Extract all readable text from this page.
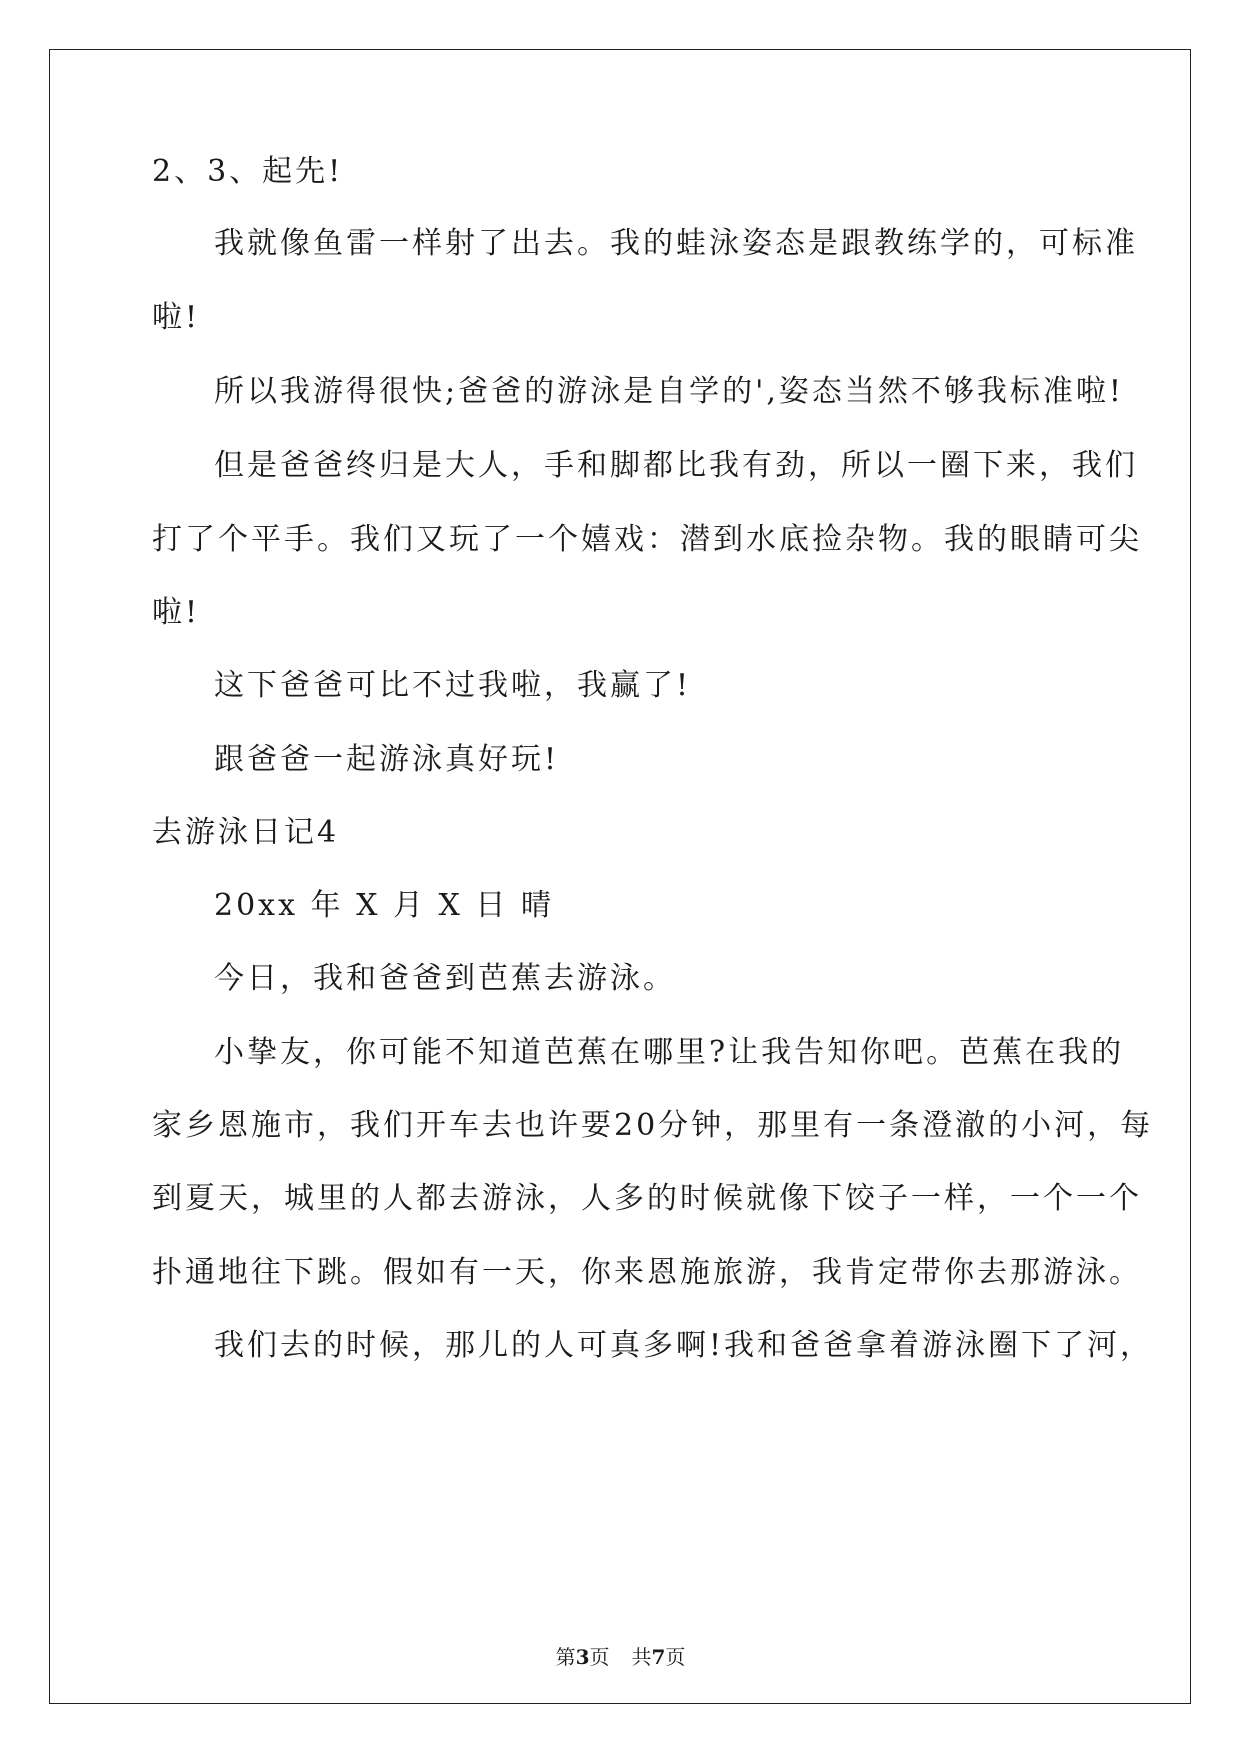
2、3、起先!
我就像鱼雷一样射了出去。我的蛙泳姿态是跟教练学的，可标准
啦!
所以我游得很快;爸爸的游泳是自学的',姿态当然不够我标准啦!
但是爸爸终归是大人，手和脚都比我有劲，所以一圈下来，我们
打了个平手。我们又玩了一个嬉戏：潜到水底捡杂物。我的眼睛可尖
啦!
这下爸爸可比不过我啦，我赢了!
跟爸爸一起游泳真好玩!
去游泳日记4
20xx 年 X 月 X 日 晴
今日，我和爸爸到芭蕉去游泳。
小挚友，你可能不知道芭蕉在哪里?让我告知你吧。芭蕉在我的
家乡恩施市，我们开车去也许要20分钟，那里有一条澄澈的小河，每
到夏天，城里的人都去游泳，人多的时候就像下饺子一样，一个一个
扑通地往下跳。假如有一天，你来恩施旅游，我肯定带你去那游泳。
我们去的时候，那儿的人可真多啊!我和爸爸拿着游泳圈下了河，
第3页 共7页
